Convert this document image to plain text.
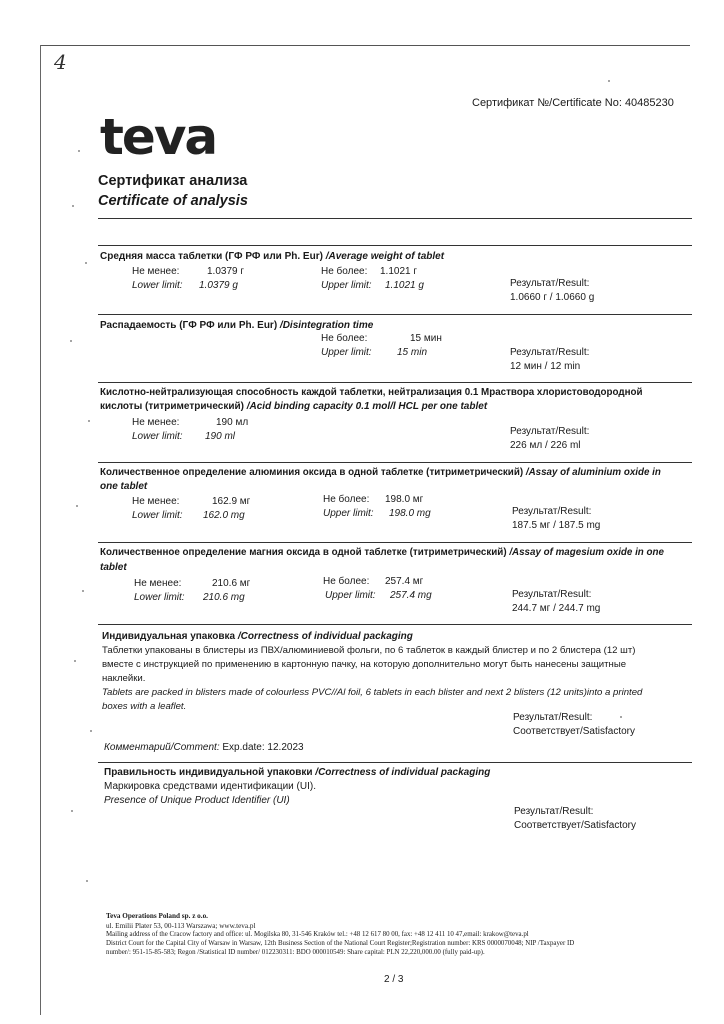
4
Сертификат №/Certificate No: 40485230
teva
Сертификат анализа
Certificate of analysis
Средняя масса таблетки (ГФ РФ или Ph. Eur) /Average weight of tablet
Не менее:	1.0379 г	Не более: 1.1021 г
Lower limit: 1.0379 g	Upper limit: 1.1021 g	Результат/Result:
1.0660 г / 1.0660 g
Распадаемость (ГФ РФ или Ph. Eur) /Disintegration time
Не более:	15 мин
Upper limit:	15 min	Результат/Result:
12 мин / 12 min
Кислотно-нейтрализующая способность каждой таблетки, нейтрализация 0.1 Мраствора хлористоводородной
кислоты (титриметрический) /Acid binding capacity 0.1 mol/l HCL per one tablet
Не менее:	190 мл
Lower limit: 190 ml	Результат/Result:
226 мл / 226 ml
Количественное определение алюминия оксида в одной таблетке (титриметрический) /Assay of aluminium oxide in
one tablet
Не менее:	162.9 мг	Не более: 198.0 мг
Lower limit: 162.0 mg	Upper limit: 198.0 mg	Результат/Result:
187.5 мг / 187.5 mg
Количественное определение магния оксида в одной таблетке (титриметрический) /Assay of magesium oxide in one
tablet
Не менее:	210.6 мг	Не более: 257.4 мг
Lower limit: 210.6 mg	Upper limit: 257.4 mg	Результат/Result:
244.7 мг / 244.7 mg
Индивидуальная упаковка /Correctness of individual packaging
Таблетки упакованы в блистеры из ПВХ/алюминиевой фольги, по 6 таблеток в каждый блистер и по 2 блистера (12 шт)
вместе с инструкцией по применению в картонную пачку, на которую дополнительно могут быть нанесены защитные
наклейки.
Tablets are packed in blisters made of colourless PVC//Al foil, 6 tablets in each blister and next 2 blisters (12 units)into a printed
boxes with a leaflet.
Результат/Result:
Соответствует/Satisfactory
Комментарий/Comment: Exp.date: 12.2023
Правильность индивидуальной упаковки /Correctness of individual packaging
Маркировка средствами идентификации (UI).
Presence of Unique Product Identifier (UI)
Результат/Result:
Соответствует/Satisfactory
Teva Operations Poland sp. z o.o.
ul. Emilii Plater 53, 00-113 Warszawa; www.teva.pl
Mailing address of the Cracow factory and office: ul. Mogilska 80, 31-546 Kraków tel.: +48 12 617 80 00, fax: +48 12 411 10 47,email: krakow@teva.pl
District Court for the Capital City of Warsaw in Warsaw, 12th Business Section of the National Court Register;Registration number: KRS 0000070048; NIP /Taxpayer ID
number/: 951-15-85-583; Regon /Statistical ID number/ 012230311: BDO 000010549: Share capital: PLN 22,220,000.00 (fully paid-up).
2 / 3
